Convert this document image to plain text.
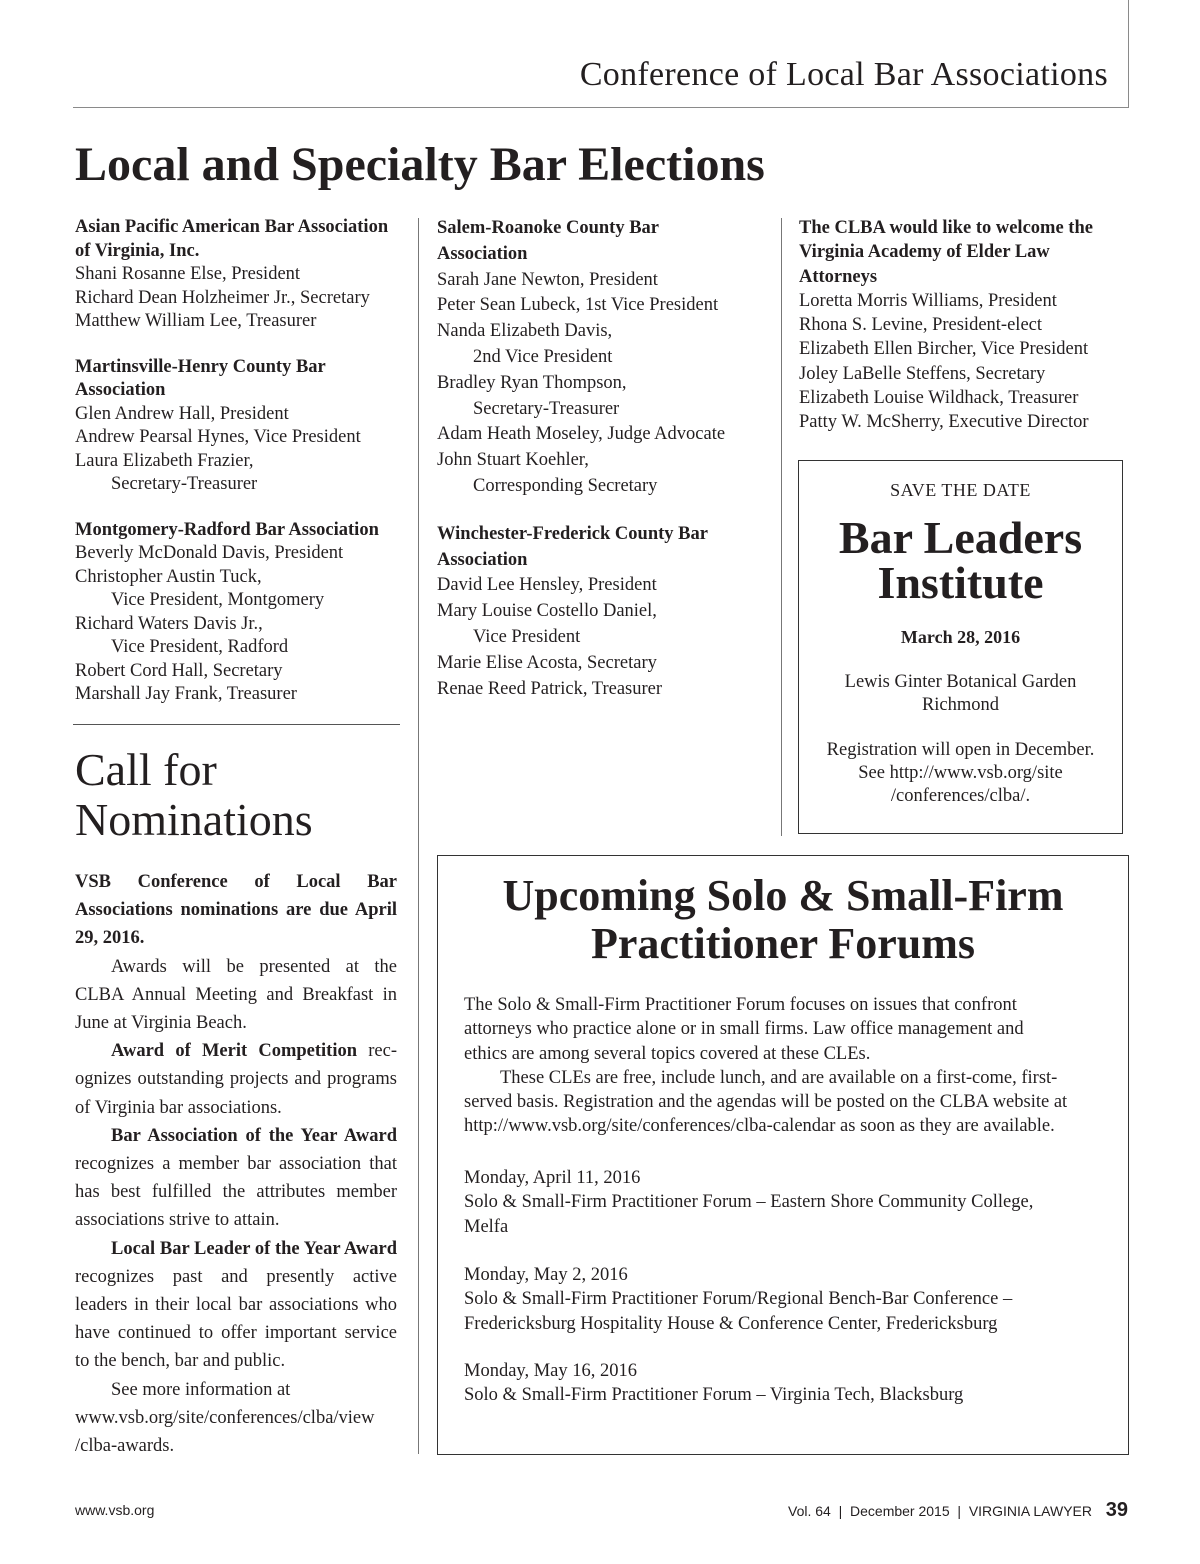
Conference of Local Bar Associations
Local and Specialty Bar Elections
Asian Pacific American Bar Association
of Virginia, Inc.
Shani Rosanne Else, President
Richard Dean Holzheimer Jr., Secretary
Matthew William Lee, Treasurer
Martinsville-Henry County Bar
Association
Glen Andrew Hall, President
Andrew Pearsal Hynes, Vice President
Laura Elizabeth Frazier,
Secretary-Treasurer
Montgomery-Radford Bar Association
Beverly McDonald Davis, President
Christopher Austin Tuck,
Vice President, Montgomery
Richard Waters Davis Jr.,
Vice President, Radford
Robert Cord Hall, Secretary
Marshall Jay Frank, Treasurer
Salem-Roanoke County Bar
Association
Sarah Jane Newton, President
Peter Sean Lubeck, 1st Vice President
Nanda Elizabeth Davis,
2nd Vice President
Bradley Ryan Thompson,
Secretary-Treasurer
Adam Heath Moseley, Judge Advocate
John Stuart Koehler,
Corresponding Secretary
Winchester-Frederick County Bar
Association
David Lee Hensley, President
Mary Louise Costello Daniel,
Vice President
Marie Elise Acosta, Secretary
Renae Reed Patrick, Treasurer
The CLBA would like to welcome the
Virginia Academy of Elder Law
Attorneys
Loretta Morris Williams, President
Rhona S. Levine, President-elect
Elizabeth Ellen Bircher, Vice President
Joley LaBelle Steffens, Secretary
Elizabeth Louise Wildhack, Treasurer
Patty W. McSherry, Executive Director
Call for
Nominations

VSB Conference of Local Bar Associations nominations are due April 29, 2016.

Awards will be presented at the CLBA Annual Meeting and Breakfast in June at Virginia Beach.

Award of Merit Competition recognizes outstanding projects and programs of Virginia bar associations.

Bar Association of the Year Award recognizes a member bar association that has best fulfilled the attributes member associations strive to attain.

Local Bar Leader of the Year Award recognizes past and presently active leaders in their local bar associations who have continued to offer important service to the bench, bar and public.

See more information at

www.vsb.org/site/conferences/clba/view

/clba-awards.

SAVE THE DATE
Bar Leaders
Institute
March 28, 2016
Lewis Ginter Botanical Garden
Richmond
Registration will open in December.
See http://www.vsb.org/site
/conferences/clba/.
Upcoming Solo & Small-Firm
Practitioner Forums

The Solo & Small-Firm Practitioner Forum focuses on issues that confront
attorneys who practice alone or in small firms. Law office management and
ethics are among several topics covered at these CLEs.

These CLEs are free, include lunch, and are available on a first-come, first-
served basis. Registration and the agendas will be posted on the CLBA website at
http://www.vsb.org/site/conferences/clba-calendar as soon as they are available.

Monday, April 11, 2016
Solo & Small-Firm Practitioner Forum – Eastern Shore Community College,
Melfa
Monday, May 2, 2016
Solo & Small-Firm Practitioner Forum/Regional Bench-Bar Conference –
Fredericksburg Hospitality House & Conference Center, Fredericksburg
Monday, May 16, 2016
Solo & Small-Firm Practitioner Forum – Virginia Tech, Blacksburg
www.vsb.org	Vol. 64  |  December 2015  |  VIRGINIA LAWYER 39
